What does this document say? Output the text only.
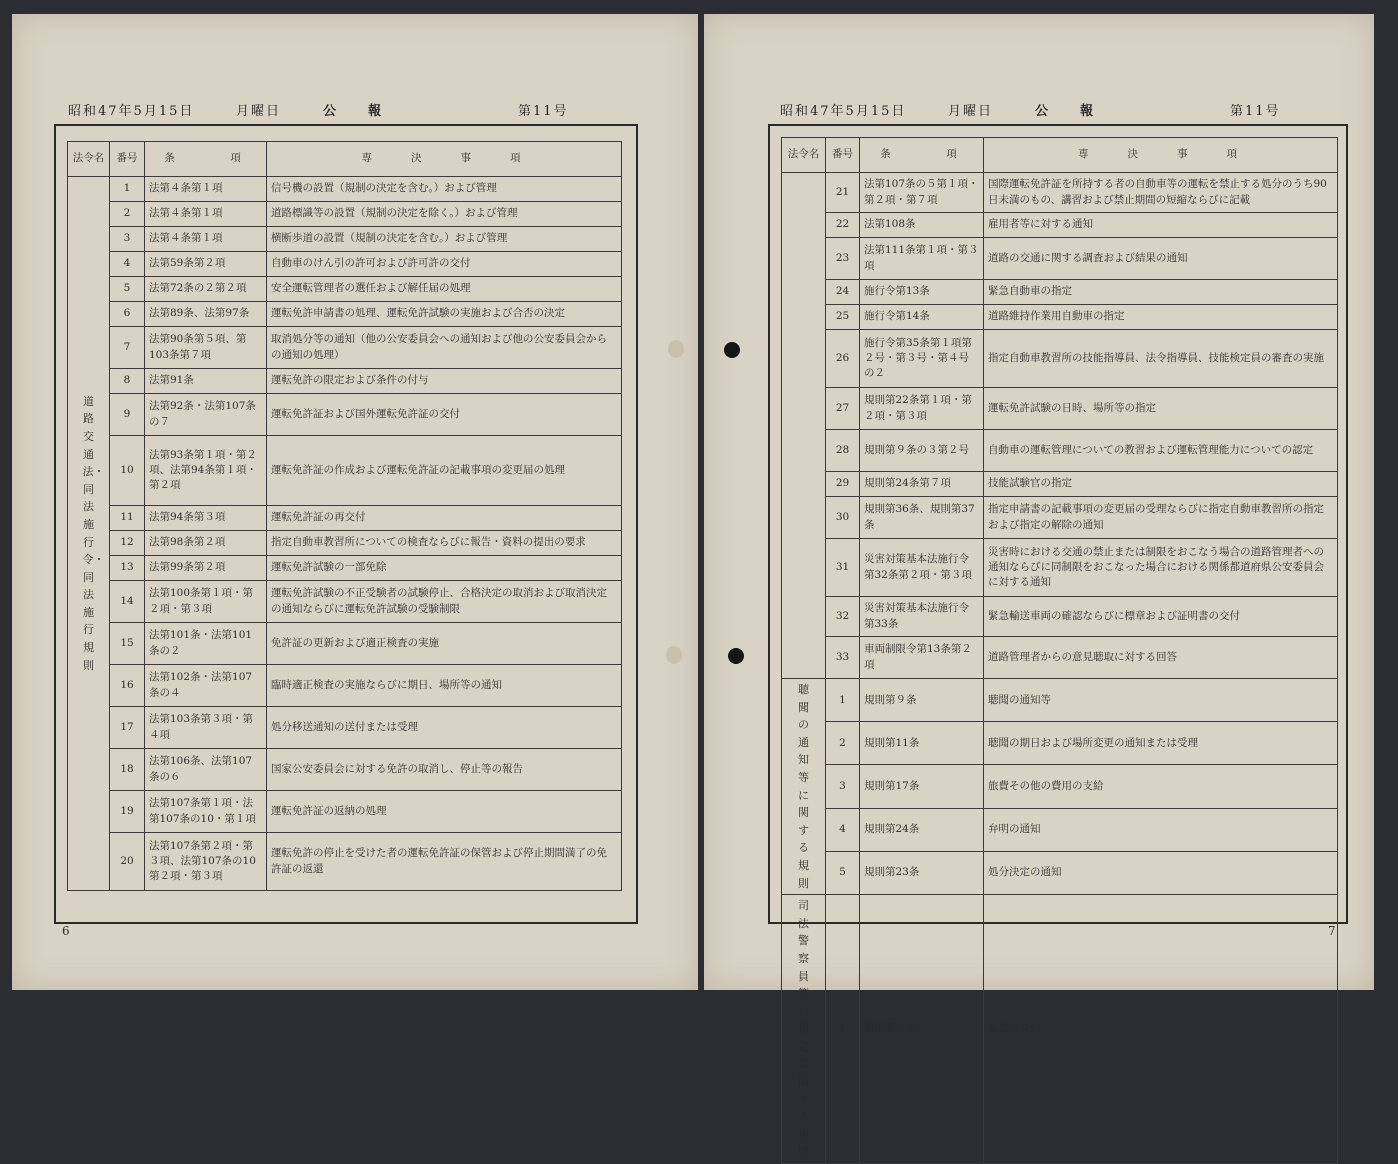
昭和47年5月15日	月曜日	公　　報	第11号
法令名	番号	条　　　項	専　　決　　事　　項
道路交通法・同法施行令・同法施行規則	1	法第４条第１項	信号機の設置（規制の決定を含む。）および管理
	2	法第４条第１項	道路標識等の設置（規制の決定を除く。）および管理
	3	法第４条第１項	横断歩道の設置（規制の決定を含む。）および管理
	4	法第59条第２項	自動車のけん引の許可および許可許の交付
	5	法第72条の２第２項	安全運転管理者の選任および解任届の処理
	6	法第89条、法第97条	運転免許申請書の処理、運転免許試験の実施および合否の決定
	7	法第90条第５項、第103条第７項	取消処分等の通知（他の公安委員会への通知および他の公安委員会からの通知の処理）
	8	法第91条	運転免許の限定および条件の付与
	9	法第92条・法第107条の７	運転免許証および国外運転免許証の交付
	10	法第93条第１項・第２項、法第94条第１項・第２項	運転免許証の作成および運転免許証の記載事項の変更届の処理
	11	法第94条第３項	運転免許証の再交付
	12	法第98条第２項	指定自動車教習所についての検査ならびに報告・資料の提出の要求
	13	法第99条第２項	運転免許試験の一部免除
	14	法第100条第１項・第２項・第３項	運転免許試験の不正受験者の試験停止、合格決定の取消および取消決定の通知ならびに運転免許試験の受験制限
	15	法第101条・法第101条の２	免許証の更新および適正検査の実施
	16	法第102条・法第107条の４	臨時適正検査の実施ならびに期日、場所等の通知
	17	法第103条第３項・第４項	処分移送通知の送付または受理
	18	法第106条、法第107条の６	国家公安委員会に対する免許の取消し、停止等の報告
	19	法第107条第１項・法第107条の10・第１項	運転免許証の返納の処理
	20	法第107条第２項・第３項、法第107条の10第２項・第３項	運転免許の停止を受けた者の運転免許証の保管および停止期間満了の免許証の返還
6
昭和47年5月15日	月曜日	公　　報	第11号
法令名	番号	条　　　項	専　　決　　事　　項
	21	法第107条の５第１項・第２項・第７項	国際運転免許証を所持する者の自動車等の運転を禁止する処分のうち90日未満のもの、講習および禁止期間の短縮ならびに記載
	22	法第108条	雇用者等に対する通知
	23	法第111条第１項・第３項	道路の交通に関する調査および結果の通知
	24	施行令第13条	緊急自動車の指定
	25	施行令第14条	道路維持作業用自動車の指定
	26	施行令第35条第１項第２号・第３号・第４号の２	指定自動車教習所の技能指導員、法令指導員、技能検定員の審査の実施
	27	規則第22条第１項・第２項・第３項	運転免許試験の日時、場所等の指定
	28	規則第９条の３第２号	自動車の運転管理についての教習および運転管理能力についての認定
	29	規則第24条第７項	技能試験官の指定
	30	規則第36条、規則第37条	指定申請書の記載事項の変更届の受理ならびに指定自動車教習所の指定および指定の解除の通知
	31	災害対策基本法施行令第32条第２項・第３項	災害時における交通の禁止または制限をおこなう場合の道路管理者への通知ならびに同制限をおこなった場合における関係都道府県公安委員会に対する通知
	32	災害対策基本法施行令第33条	緊急輸送車両の確認ならびに標章および証明書の交付
	33	車両制限令第13条第２項	道路管理者からの意見聴取に対する回答
聴聞の通知等に関する規則	1	規則第９条	聴聞の通知等
	2	規則第11条	聴聞の期日および場所変更の通知または受理
	3	規則第17条	旅費その他の費用の支給
	4	規則第24条	弁明の通知
	5	規則第23条	処分決定の通知
司法警察員等の指定に関する規則	1	規則第３条	証票の交付
7
